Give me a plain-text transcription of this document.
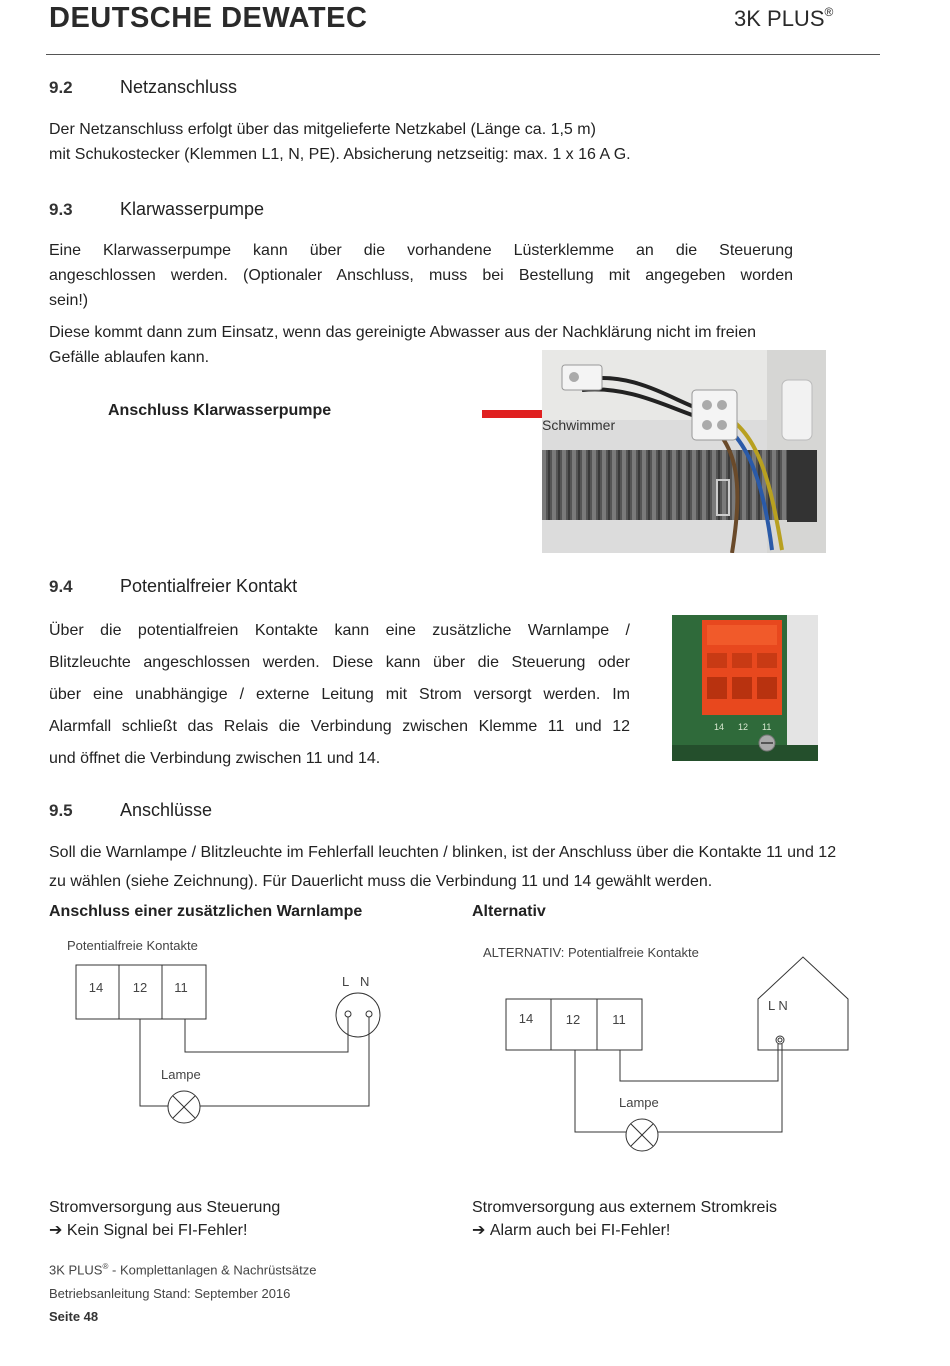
DEUTSCHE DEWATEC	3K PLUS®
9.2	Netzanschluss
Der Netzanschluss erfolgt über das mitgelieferte Netzkabel (Länge ca. 1,5 m)
mit Schukostecker (Klemmen L1, N, PE). Absicherung netzseitig: max. 1 x 16 A G.
9.3	Klarwasserpumpe
Eine Klarwasserpumpe kann über die vorhandene Lüsterklemme an die Steuerung
angeschlossen werden. (Optionaler Anschluss, muss bei Bestellung mit angegeben worden
sein!)
Diese kommt dann zum Einsatz, wenn das gereinigte Abwasser aus der Nachklärung nicht im freien
Gefälle ablaufen kann.
Anschluss Klarwasserpumpe
Schwimmer
9.4	Potentialfreier Kontakt
Über die potentialfreien Kontakte kann eine zusätzliche Warnlampe /
Blitzleuchte angeschlossen werden. Diese kann über die Steuerung oder
über eine unabhängige / externe Leitung mit Strom versorgt werden. Im
Alarmfall schließt das Relais die Verbindung zwischen Klemme 11 und 12
und öffnet die Verbindung zwischen 11 und 14.
14 12 11
9.5	Anschlüsse
Soll die Warnlampe / Blitzleuchte im Fehlerfall leuchten / blinken, ist der Anschluss über die Kontakte 11 und 12
zu wählen (siehe Zeichnung). Für Dauerlicht muss die Verbindung 11 und 14 gewählt werden.
Anschluss einer zusätzlichen Warnlampe	Alternativ
Potentialfreie Kontakte
14 12 11	L N
Lampe
ALTERNATIV: Potentialfreie Kontakte
14	12 11
L N
Lampe
Stromversorgung aus Steuerung
➔ Kein Signal bei FI-Fehler!
Stromversorgung aus externem Stromkreis
➔ Alarm auch bei FI-Fehler!
3K PLUS® - Komplettanlagen & Nachrüstsätze
Betriebsanleitung Stand: September 2016
Seite 48
